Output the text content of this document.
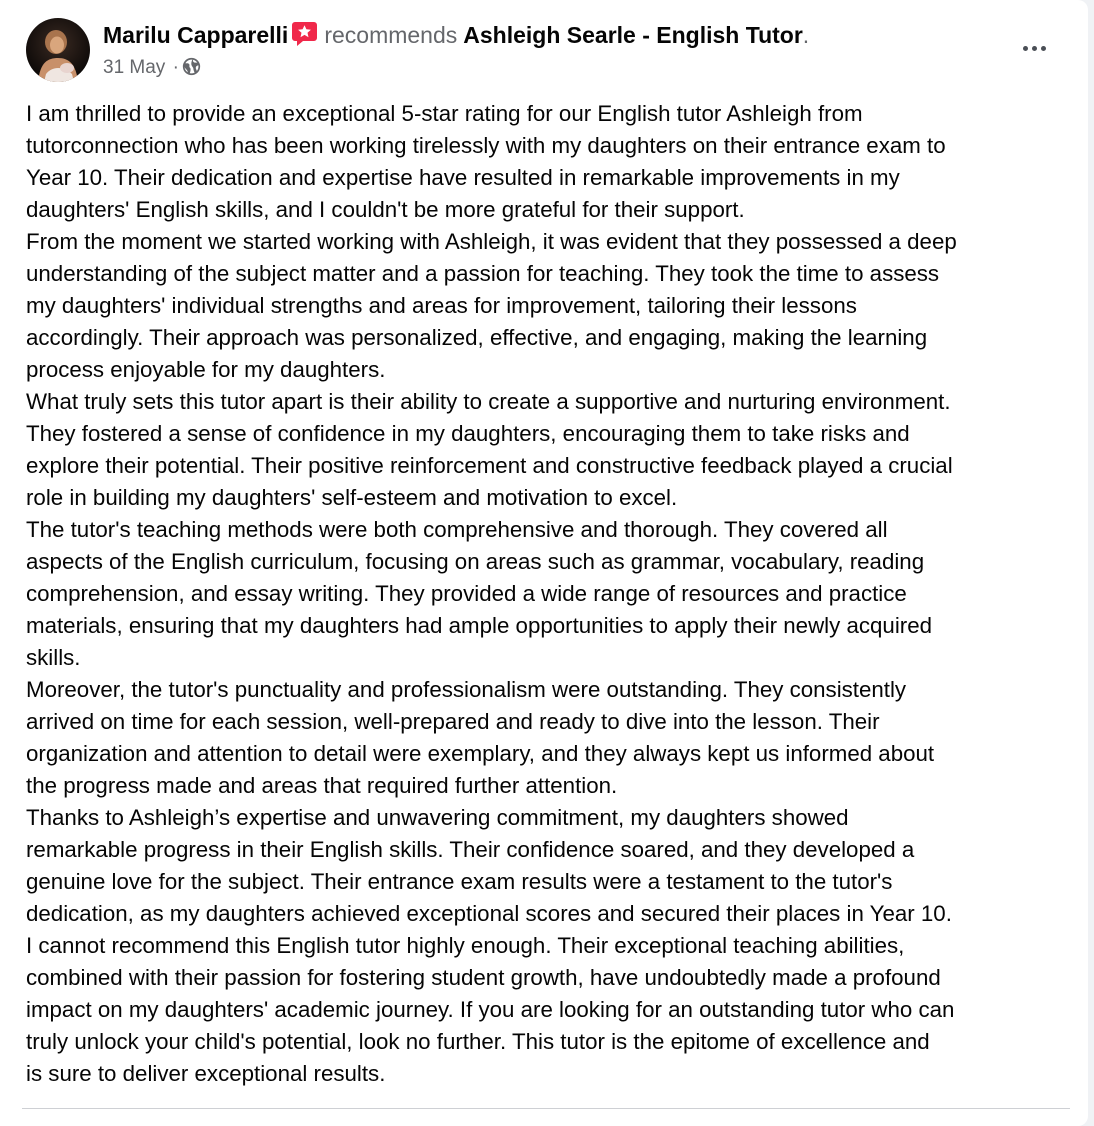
Marilu Capparelli recommends Ashleigh Searle - English Tutor.
31 May ·
I am thrilled to provide an exceptional 5-star rating for our English tutor Ashleigh from
tutorconnection who has been working tirelessly with my daughters on their entrance exam to
Year 10. Their dedication and expertise have resulted in remarkable improvements in my
daughters' English skills, and I couldn't be more grateful for their support.
From the moment we started working with Ashleigh, it was evident that they possessed a deep
understanding of the subject matter and a passion for teaching. They took the time to assess
my daughters' individual strengths and areas for improvement, tailoring their lessons
accordingly. Their approach was personalized, effective, and engaging, making the learning
process enjoyable for my daughters.
What truly sets this tutor apart is their ability to create a supportive and nurturing environment.
They fostered a sense of confidence in my daughters, encouraging them to take risks and
explore their potential. Their positive reinforcement and constructive feedback played a crucial
role in building my daughters' self-esteem and motivation to excel.
The tutor's teaching methods were both comprehensive and thorough. They covered all
aspects of the English curriculum, focusing on areas such as grammar, vocabulary, reading
comprehension, and essay writing. They provided a wide range of resources and practice
materials, ensuring that my daughters had ample opportunities to apply their newly acquired
skills.
Moreover, the tutor's punctuality and professionalism were outstanding. They consistently
arrived on time for each session, well-prepared and ready to dive into the lesson. Their
organization and attention to detail were exemplary, and they always kept us informed about
the progress made and areas that required further attention.
Thanks to Ashleigh’s expertise and unwavering commitment, my daughters showed
remarkable progress in their English skills. Their confidence soared, and they developed a
genuine love for the subject. Their entrance exam results were a testament to the tutor's
dedication, as my daughters achieved exceptional scores and secured their places in Year 10.
I cannot recommend this English tutor highly enough. Their exceptional teaching abilities,
combined with their passion for fostering student growth, have undoubtedly made a profound
impact on my daughters' academic journey. If you are looking for an outstanding tutor who can
truly unlock your child's potential, look no further. This tutor is the epitome of excellence and
is sure to deliver exceptional results.
